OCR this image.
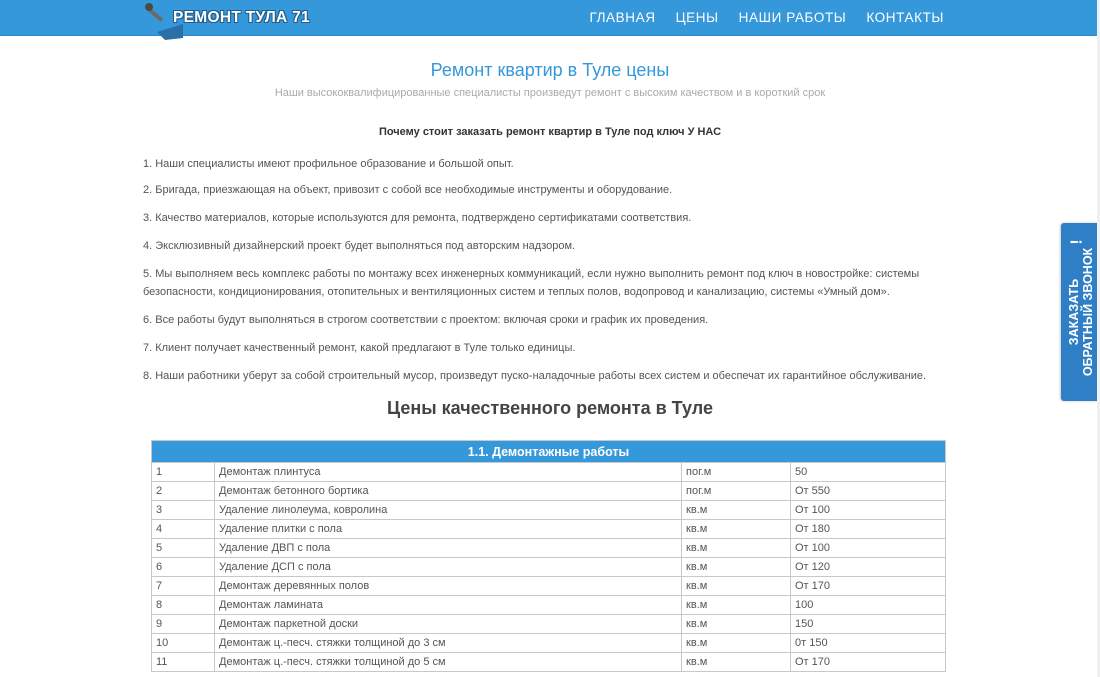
РЕМОНТ ТУЛА 71	ГЛАВНАЯ ЦЕНЫ НАШИ РАБОТЫ КОНТАКТЫ
Ремонт квартир в Туле цены
Наши высококвалифицированные специалисты произведут ремонт с высоким качеством и в короткий срок
Почему стоит заказать ремонт квартир в Туле под ключ У НАС
1. Наши специалисты имеют профильное образование и большой опыт.
2. Бригада, приезжающая на объект, привозит с собой все необходимые инструменты и оборудование.
3. Качество материалов, которые используются для ремонта, подтверждено сертификатами соответствия.
4. Эксклюзивный дизайнерский проект будет выполняться под авторским надзором.
5. Мы выполняем весь комплекс работы по монтажу всех инженерных коммуникаций, если нужно выполнить ремонт под ключ в новостройке: системы безопасности, кондиционирования, отопительных и вентиляционных систем и теплых полов, водопровод и канализацию, системы «Умный дом».
6. Все работы будут выполняться в строгом соответствии с проектом: включая сроки и график их проведения.
7. Клиент получает качественный ремонт, какой предлагают в Туле только единицы.
8. Наши работники уберут за собой строительный мусор, произведут пуско-наладочные работы всех систем и обеспечат их гарантийное обслуживание.
Цены качественного ремонта в Туле
1.1. Демонтажные работы			
1	Демонтаж плинтуса	пог.м	50
2	Демонтаж бетонного бортика	пог.м	От 550
3	Удаление линолеума, ковролина	кв.м	От 100
4	Удаление плитки с пола	кв.м	От 180
5	Удаление ДВП с пола	кв.м	От 100
6	Удаление ДСП с пола	кв.м	От 120
7	Демонтаж деревянных полов	кв.м	От 170
8	Демонтаж ламината	кв.м	100
9	Демонтаж паркетной доски	кв.м	150
10	Демонтаж ц.-песч. стяжки толщиной до 3 см	кв.м	0т 150
11	Демонтаж ц.-песч. стяжки толщиной до 5 см	кв.м	От 170
ЗАКАЗАТЬ ОБРАТНЫЙ ЗВОНОК
!
